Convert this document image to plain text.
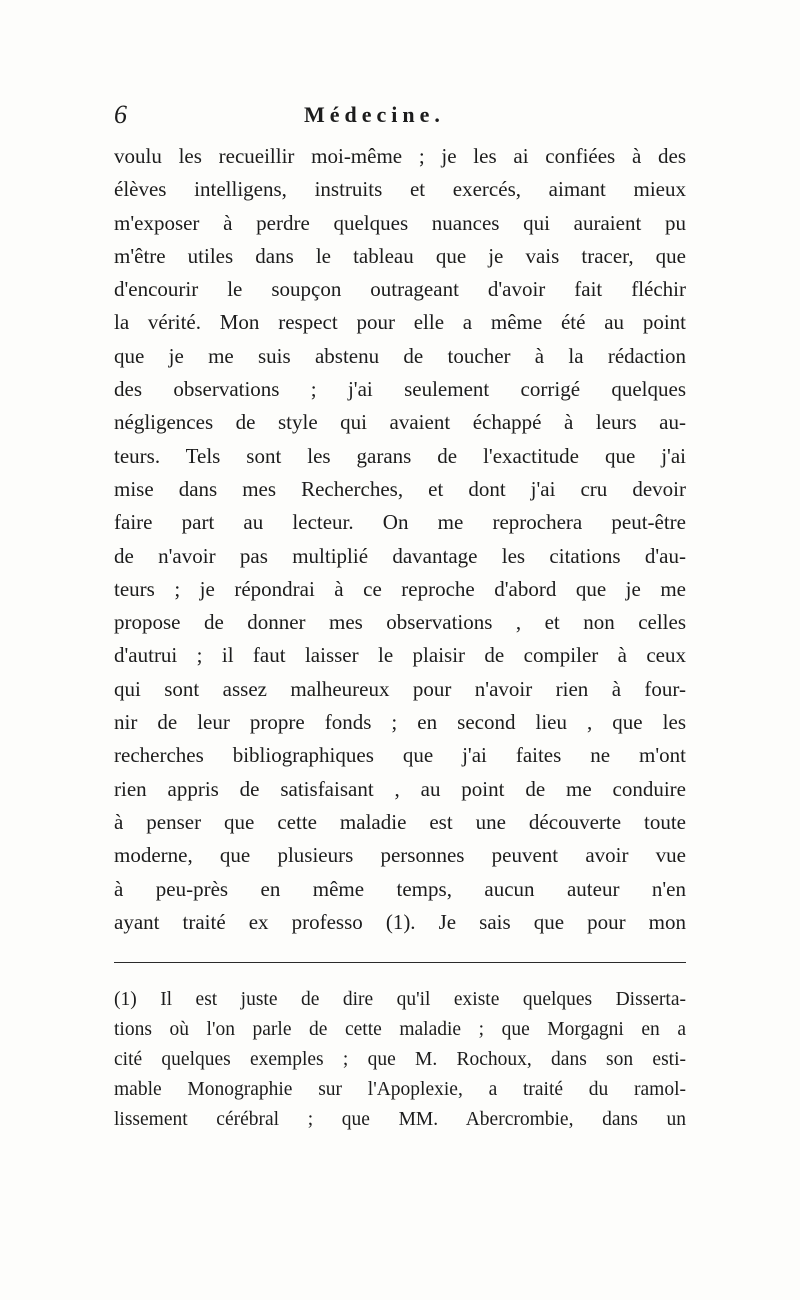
6	Médecine.
voulu les recueillir moi-même ; je les ai confiées à des
élèves intelligens, instruits et exercés, aimant mieux
m'exposer à perdre quelques nuances qui auraient pu
m'être utiles dans le tableau que je vais tracer, que
d'encourir le soupçon outrageant d'avoir fait fléchir
la vérité. Mon respect pour elle a même été au point
que je me suis abstenu de toucher à la rédaction
des observations ; j'ai seulement corrigé quelques
négligences de style qui avaient échappé à leurs au-
teurs. Tels sont les garans de l'exactitude que j'ai
mise dans mes Recherches, et dont j'ai cru devoir
faire part au lecteur. On me reprochera peut-être
de n'avoir pas multiplié davantage les citations d'au-
teurs ; je répondrai à ce reproche d'abord que je me
propose de donner mes observations , et non celles
d'autrui ; il faut laisser le plaisir de compiler à ceux
qui sont assez malheureux pour n'avoir rien à four-
nir de leur propre fonds ; en second lieu , que les
recherches bibliographiques que j'ai faites ne m'ont
rien appris de satisfaisant , au point de me conduire
à penser que cette maladie est une découverte toute
moderne, que plusieurs personnes peuvent avoir vue
à peu-près en même temps, aucun auteur n'en
ayant traité ex professo (1). Je sais que pour mon
(1) Il est juste de dire qu'il existe quelques Disserta-
tions où l'on parle de cette maladie ; que Morgagni en a
cité quelques exemples ; que M. Rochoux, dans son esti-
mable Monographie sur l'Apoplexie, a traité du ramol-
lissement cérébral ; que MM. Abercrombie, dans un
